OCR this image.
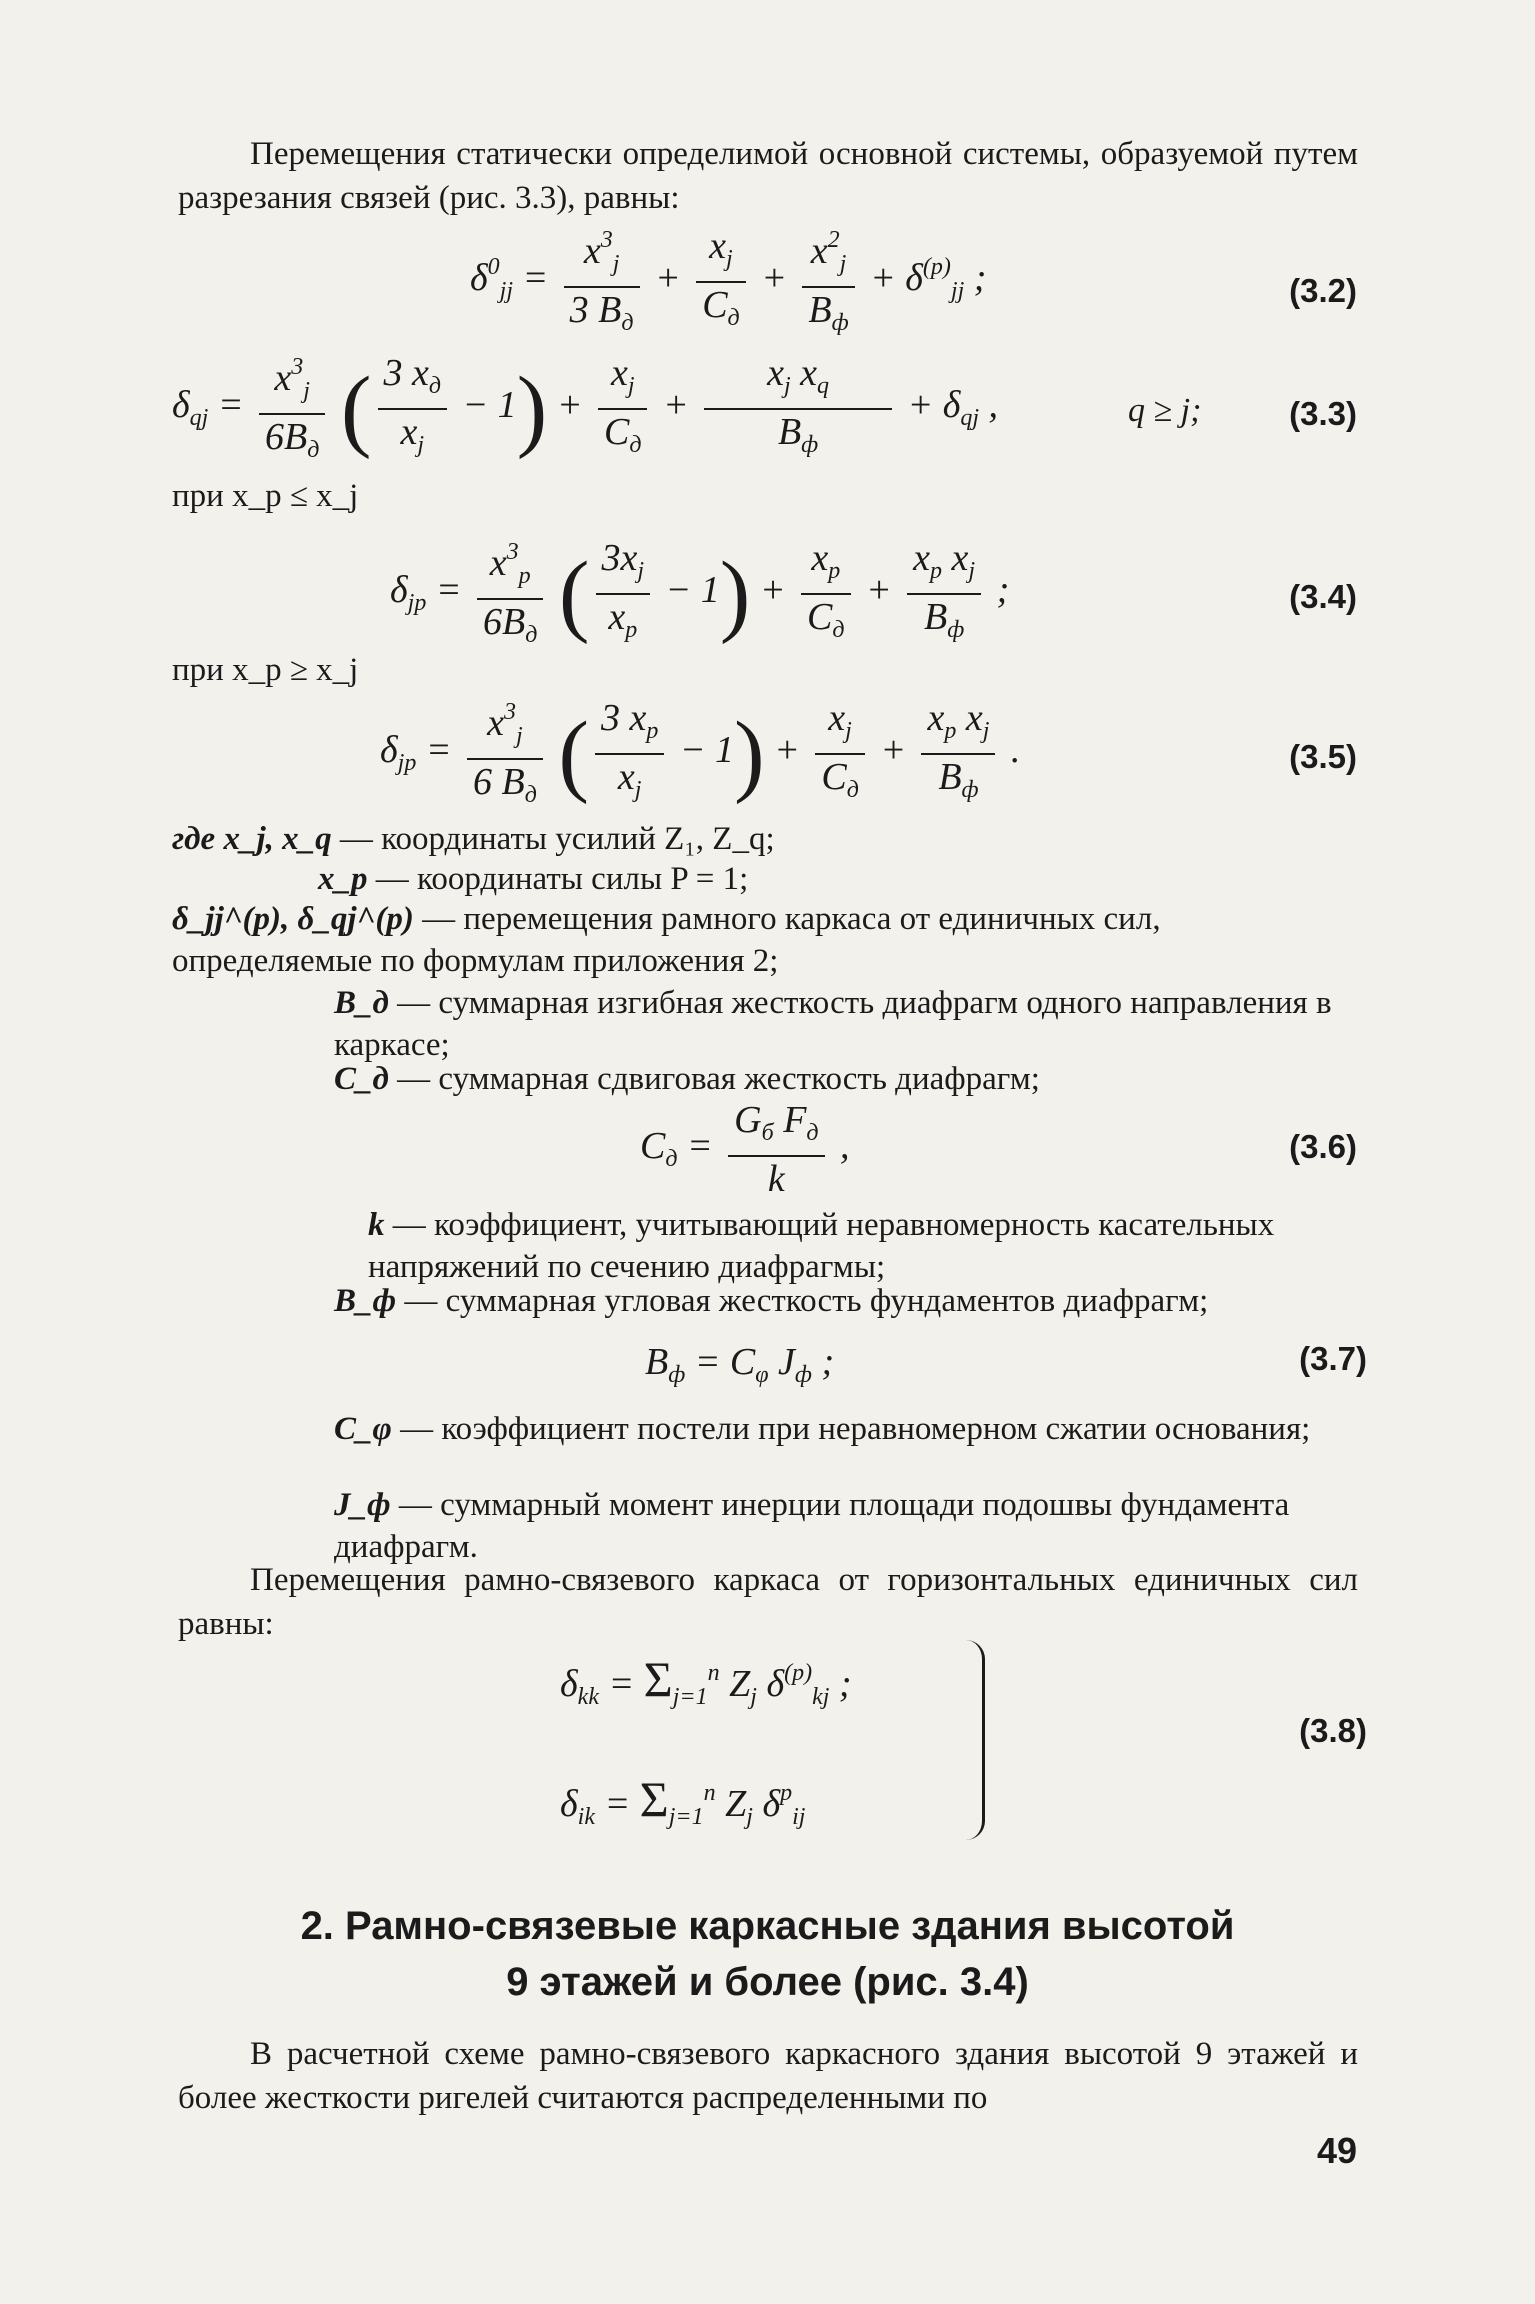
Перемещения статически определимой основной системы, образуемой путем разрезания связей (рис. 3.3), равны:
$\delta^0_{jj} = \frac{x^3_j}{3 B_д} + \frac{x_j}{C_д} + \frac{x^2_j}{B_ф} + \delta^{(p)}_{jj}$ ;	(3.2)
$\delta_{qj} = \frac{x^3_j}{6B_д}$ ( $\frac{3 x_д}{x_j} - 1) + \frac{x_j}{C_д} + \frac{x_j x_q}{B_ф} + \delta_{qj}$ ,	q ≥ j;	(3.3)
при x_p ≤ x_j
$\delta_{jp} = \frac{x^3_p}{6B_д}$ ( $\frac{3x_j}{x_p} - 1) + \frac{x_p}{C_д} + \frac{x_p x_j}{B_ф}$ ;	(3.4)
при x_p ≥ x_j
$\delta_{jp} = \frac{x^3_j}{6 B_д}$ ( $\frac{3 x_p}{x_j} - 1) + \frac{x_j}{C_д} + \frac{x_p x_j}{B_ф}$ .	(3.5)
где x_j, x_q — координаты усилий Z₁, Z_q;
x_p — координаты силы P = 1;
δ_jj^(p), δ_qj^(p) — перемещения рамного каркаса от единичных сил, определяемые по формулам приложения 2;
B_д — суммарная изгибная жесткость диафрагм одного направления в каркасе;
C_д — суммарная сдвиговая жесткость диафрагм;
$C_д = \frac{G_б F_д}{k}$ ,	(3.6)
k — коэффициент, учитывающий неравномерность касательных напряжений по сечению диафрагмы;
B_ф — суммарная угловая жесткость фундаментов диафрагм;
$B_ф = C_\varphi$ $J_ф$ ;	(3.7)
C_φ — коэффициент постели при неравномерном сжатии основания;
J_ф — суммарный момент инерции площади подошвы фундамента диафрагм.
Перемещения рамно-связевого каркаса от горизонтальных единичных сил равны:
$\delta_{kk} = \Sigma_{j=1}^n$ $Z_j$ $\delta^{(p)}_{kj}$ ;
$\delta_{ik} = \Sigma_{j=1}^n$ $Z_j$ $\delta^p_{ij}$
(3.8)
2. Рамно-связевые каркасные здания высотой
9 этажей и более (рис. 3.4)
В расчетной схеме рамно-связевого каркасного здания высотой 9 этажей и более жесткости ригелей считаются распределенными по
49
